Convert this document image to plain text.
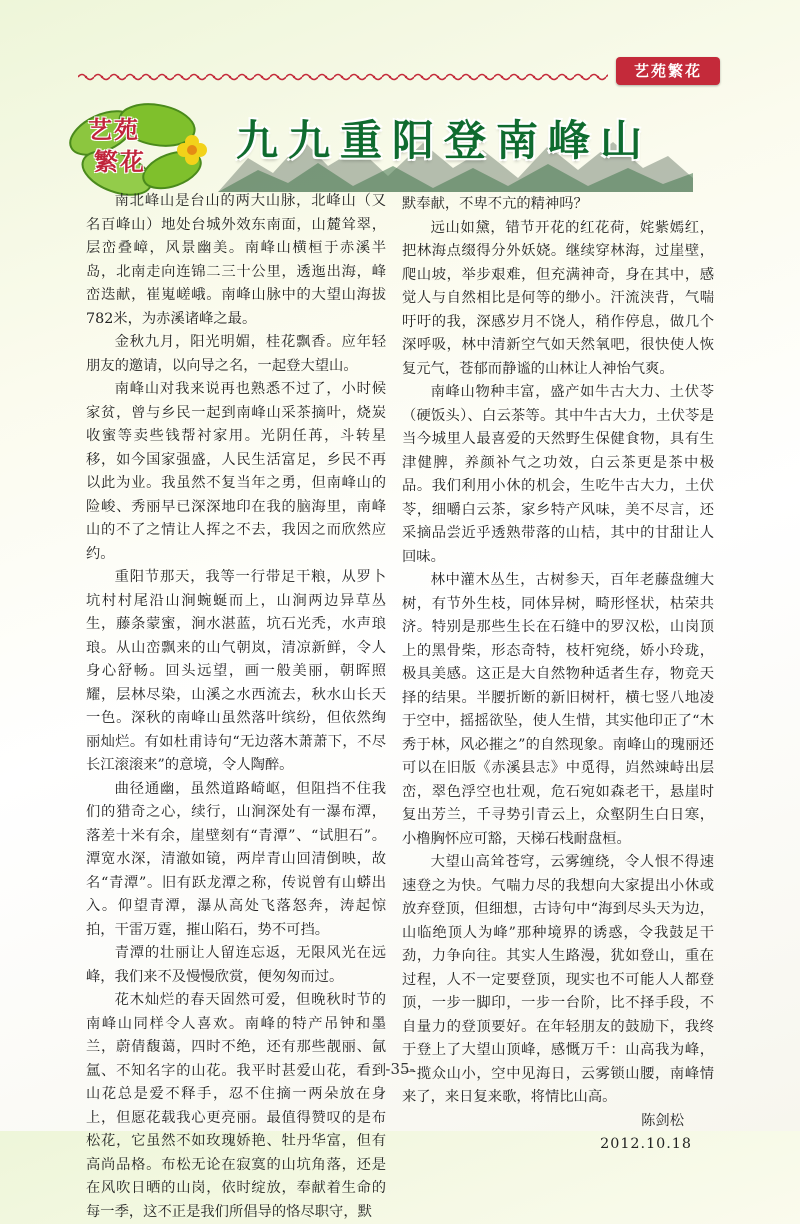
艺苑繁花
艺苑
繁花 九九重阳登南峰山

南北峰山是台山的两大山脉，北峰山（又名百峰山）地处台城外效东南面，山麓耸翠，层峦叠嶂，风景幽美。南峰山横桓于赤溪半岛，北南走向连锦二三十公里，透迤出海，峰峦迭献，崔嵬嵯峨。南峰山脉中的大望山海拔782米，为赤溪诸峰之最。

金秋九月，阳光明媚，桂花飘香。应年轻朋友的邀请，以向导之名，一起登大望山。

南峰山对我来说再也熟悉不过了，小时候家贫，曾与乡民一起到南峰山采茶摘叶，烧炭收蜜等卖些钱帮衬家用。光阴任苒，斗转星移，如今国家强盛，人民生活富足，乡民不再以此为业。我虽然不复当年之勇，但南峰山的险峻、秀丽早已深深地印在我的脑海里，南峰山的不了之情让人挥之不去，我因之而欣然应约。

重阳节那天，我等一行带足干粮，从罗卜坑村村尾沿山涧蜿蜒而上，山涧两边异草丛生，藤条蒙蜜，涧水湛蓝，坑石光秃，水声琅琅。从山峦飘来的山气朝岚，清凉新鲜，令人身心舒畅。回头远望，画一般美丽，朝晖照耀，层林尽染，山溪之水西流去，秋水山长天一色。深秋的南峰山虽然落叶缤纷，但依然绚丽灿烂。有如杜甫诗句“无边落木萧萧下，不尽长江滚滚来”的意境，令人陶醉。

曲径通幽，虽然道路崎岖，但阻挡不住我们的猎奇之心，续行，山涧深处有一瀑布潭，落差十米有余，崖壁刻有“青潭”、“试胆石”。潭宽水深，清澈如镜，两岸青山回清倒映，故名“青潭”。旧有跃龙潭之称，传说曾有山蟒出入。仰望青潭，瀑从高处飞落怒奔，涛起惊拍，干雷万霆，摧山陷石，势不可挡。

青潭的壮丽让人留连忘返，无限风光在远峰，我们来不及慢慢欣赏，便匆匆而过。

花木灿烂的春天固然可爱，但晚秋时节的南峰山同样令人喜欢。南峰的特产吊钟和墨兰，蔚倩馥蔼，四时不绝，还有那些靓丽、氤氲、不知名字的山花。我平时甚爱山花，看到山花总是爱不释手，忍不住摘一两朵放在身上，但愿花载我心更亮丽。最值得赞叹的是布松花，它虽然不如玫瑰娇艳、牡丹华富，但有高尚品格。布松无论在寂寞的山坑角落，还是在风吹日晒的山岗，依时绽放，奉献着生命的每一季，这不正是我们所倡导的恪尽职守，默

默奉献，不卑不亢的精神吗？

远山如黛，错节开花的红花荷，姹紫嫣红，把林海点缀得分外妖娆。继续穿林海，过崖壁，爬山坡，举步艰难，但充满神奇，身在其中，感觉人与自然相比是何等的缈小。汗流浃背，气喘吁吁的我，深感岁月不饶人，稍作停息，做几个深呼吸，林中清新空气如天然氧吧，很快使人恢复元气，苍郁而静谧的山林让人神怡气爽。

南峰山物种丰富，盛产如牛古大力、土伏苓（硬饭头）、白云茶等。其中牛古大力，土伏苓是当今城里人最喜爱的天然野生保健食物，具有生津健脾，养颜补气之功效，白云茶更是茶中极品。我们利用小休的机会，生吃牛古大力，土伏苓，细嚼白云茶，家乡特产风味，美不尽言，还采摘品尝近乎透熟带落的山桔，其中的甘甜让人回味。

林中灌木丛生，古树参天，百年老藤盘缠大树，有节外生枝，同体异树，畸形怪状，枯荣共济。特别是那些生长在石缝中的罗汉松，山岗顶上的黑骨柴，形态奇特，枝杆宛绕，娇小玲珑，极具美感。这正是大自然物种适者生存，物竞天择的结果。半腰折断的新旧树杆，横七竖八地凌于空中，摇摇欲坠，使人生惜，其实他印正了“木秀于林，风必摧之”的自然现象。南峰山的瑰丽还可以在旧版《赤溪县志》中觅得，岿然竦峙出层峦，翠色浮空也壮观，危石宛如森老干，悬崖时复出芳兰，千寻势引青云上，众壑阴生白日寒，小橹胸怀应可豁，天梯石栈耐盘桓。

大望山高耸苍穹，云雾缠绕，令人恨不得速速登之为快。气喘力尽的我想向大家提出小休或放弃登顶，但细想，古诗句中“海到尽头天为边，山临绝顶人为峰”那种境界的诱惑，令我鼓足干劲，力争向往。其实人生路漫，犹如登山，重在过程，人不一定要登顶，现实也不可能人人都登顶，一步一脚印，一步一台阶，比不择手段，不自量力的登顶要好。在年轻朋友的鼓励下，我终于登上了大望山顶峰，感慨万千：山高我为峰，一揽众山小，空中见海日，云雾锁山腰，南峰情来了，来日复来歌，将情比山高。

陈剑松
2012.10.18
-35-
